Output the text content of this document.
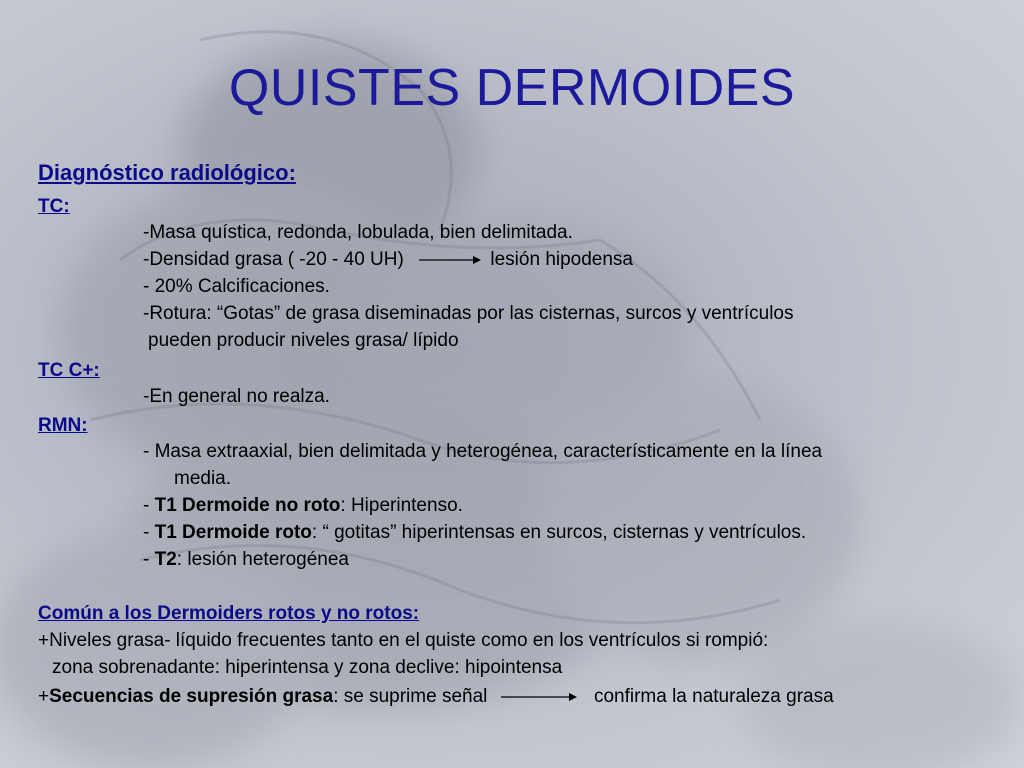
QUISTES DERMOIDES
Diagnóstico radiológico:
TC:
-Masa quística, redonda, lobulada, bien delimitada.
-Densidad grasa ( -20 - 40 UH)	lesión hipodensa
- 20% Calcificaciones.
-Rotura: “Gotas” de grasa diseminadas por las cisternas, surcos y ventrículos
pueden producir niveles grasa/ lípido
TC C+:
-En general no realza.
RMN:
- Masa extraaxial, bien delimitada y heterogénea, característicamente en la línea
media.
- T1 Dermoide no roto: Hiperintenso.
- T1 Dermoide roto: “ gotitas” hiperintensas en surcos, cisternas y ventrículos.
- T2: lesión heterogénea
Común a los Dermoiders rotos y no rotos:
+Niveles grasa- líquido frecuentes tanto en el quiste como en los ventrículos si rompió:
zona sobrenadante: hiperintensa y zona declive: hipointensa
+Secuencias de supresión grasa: se suprime señal	confirma la naturaleza grasa
